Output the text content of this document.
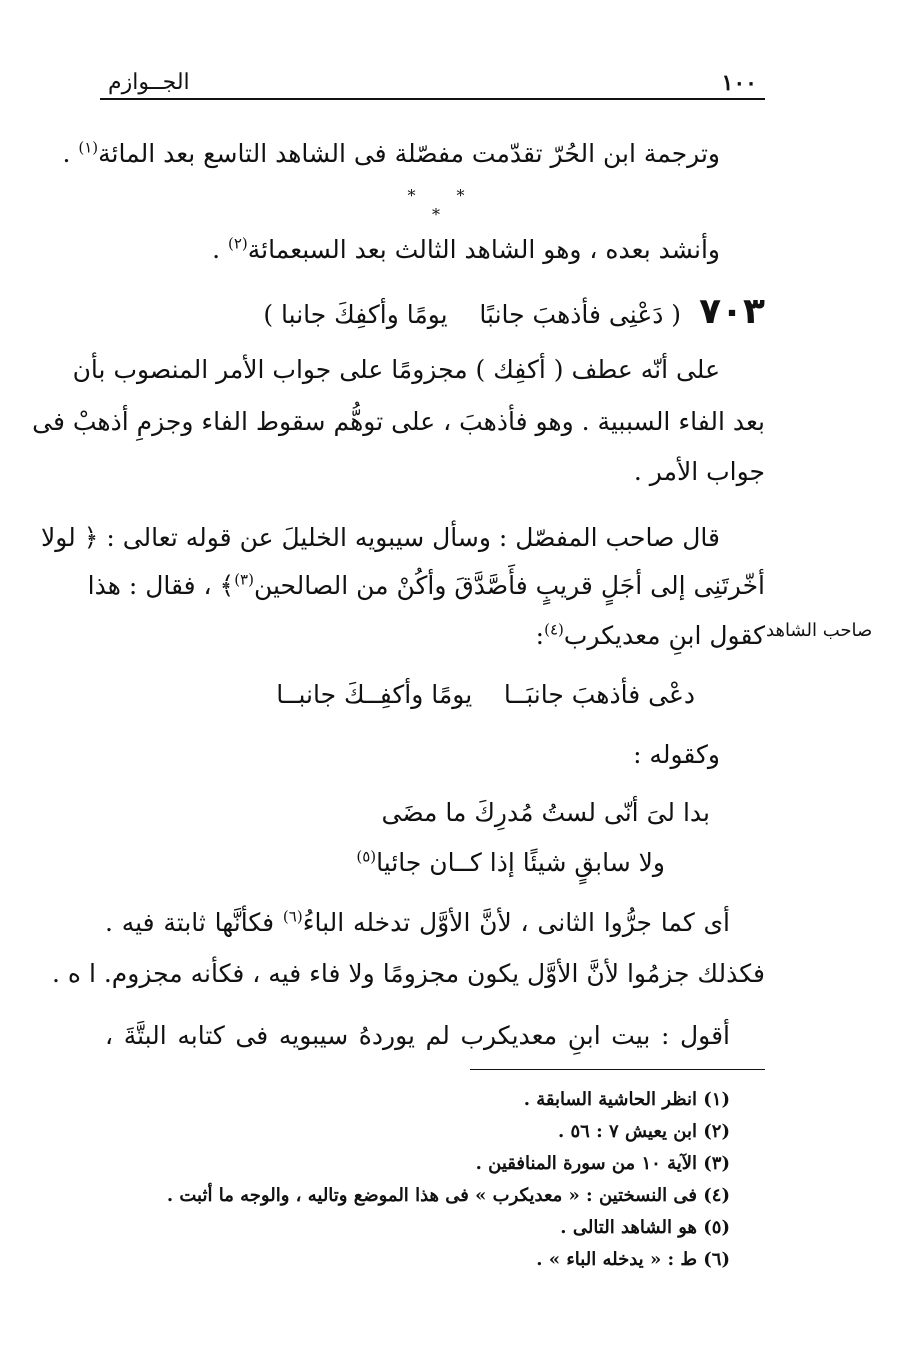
١٠٠
الجــوازم
وترجمة ابن الحُرّ تقدّمت مفصّلة فى الشاهد التاسع بعد المائة$^{(١)}$ .
* * *
وأنشد بعده ، وهو الشاهد الثالث بعد السبعمائة$^{(٢)}$ .
٧٠٣( دَعْنِى فأذهبَ جانبًا    يومًا وأكفِكَ جانبا )
على أنّه عطف ( أكفِك ) مجزومًا على جواب الأمر المنصوب بأن
بعد الفاء السببية . وهو فأذهبَ ، على توهُّم سقوط الفاء وجزمِ أذهبْ فى
جواب الأمر .
قال صاحب المفصّل : وسأل سيبويه الخليلَ عن قوله تعالى : ﴿ لولا
أخّرتَنِى إلى أجَلٍ قريبٍ فأَصَّدَّقَ وأكُنْ من الصالحين$^{(٣)}$﴾ ، فقال : هذا
كقول ابنِ معديكرب$^{(٤)}$:	صاحب الشاهد
دعْى فأذهبَ جانبَــا    يومًا وأكفِــكَ جانبــا
وكقوله :
بدا لىَ أنّى لستُ مُدرِكَ ما مضَى
ولا سابقٍ شيئًا إذا كــان جائيا$^{(٥)}$
أى كما جرُّوا الثانى ، لأنَّ الأوَّل تدخله الباءُ$^{(٦)}$ فكأنَّها ثابتة فيه .
فكذلك جزمُوا لأنَّ الأوَّل يكون مجزومًا ولا فاء فيه ، فكأنه مجزوم. ا ه .
أقول : بيت ابنِ معديكرب لم يوردهُ سيبويه فى كتابه البتَّةَ ،
(١) انظر الحاشية السابقة .
(٢) ابن يعيش ٧ : ٥٦ .
(٣) الآية ١٠ من سورة المنافقين .
(٤) فى النسختين : « معديكرب » فى هذا الموضع وتاليه ، والوجه ما أثبت .
(٥) هو الشاهد التالى .
(٦) ط : « يدخله الباء » .
